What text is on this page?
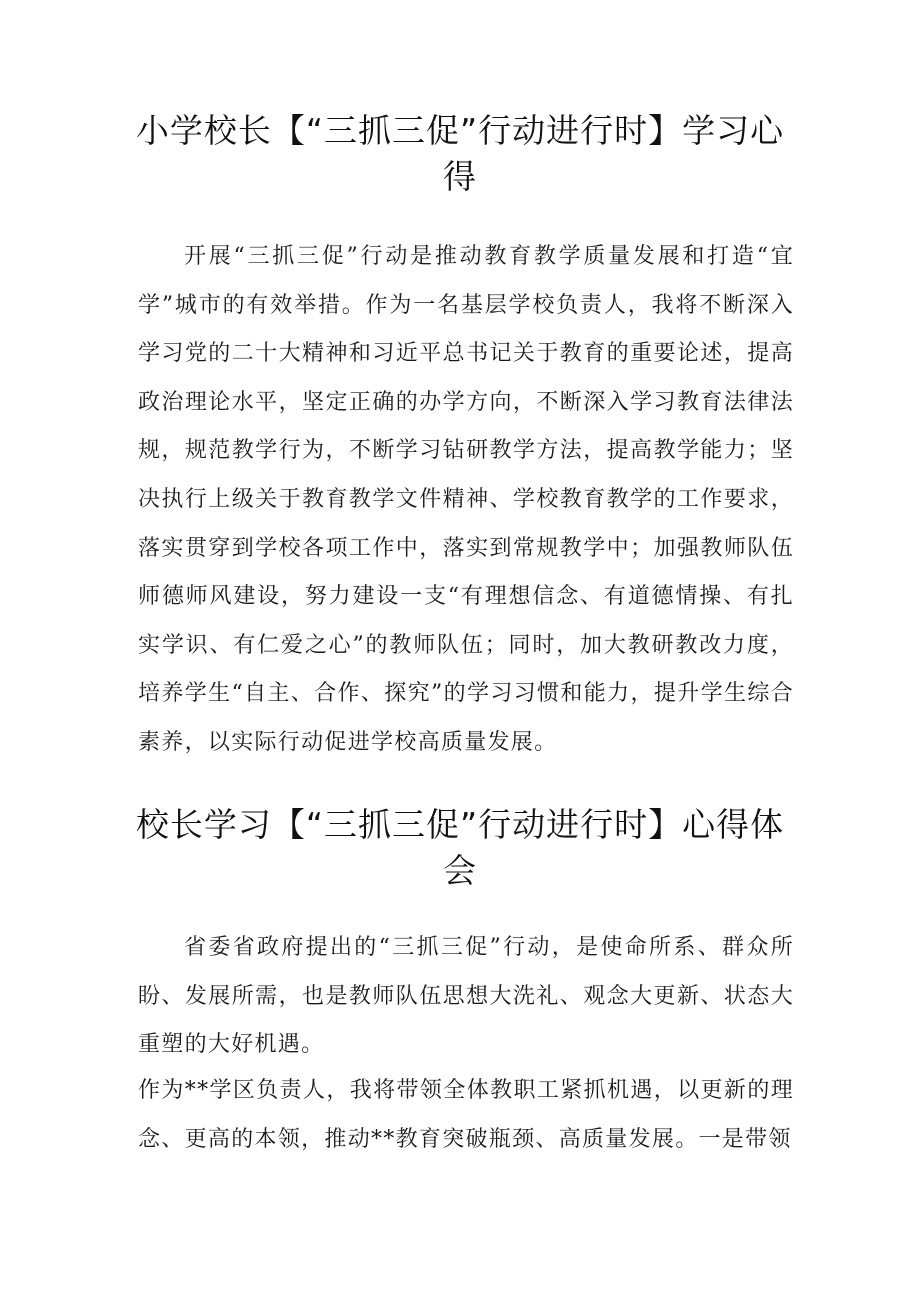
小学校长【“三抓三促”行动进行时】学习心得

开展“三抓三促”行动是推动教育教学质量发展和打造“宜学”城市的有效举措。作为一名基层学校负责人，我将不断深入学习党的二十大精神和习近平总书记关于教育的重要论述，提高政治理论水平，坚定正确的办学方向，不断深入学习教育法律法规，规范教学行为，不断学习钻研教学方法，提高教学能力；坚决执行上级关于教育教学文件精神、学校教育教学的工作要求，落实贯穿到学校各项工作中，落实到常规教学中；加强教师队伍师德师风建设，努力建设一支“有理想信念、有道德情操、有扎实学识、有仁爱之心”的教师队伍；同时，加大教研教改力度，培养学生“自主、合作、探究”的学习习惯和能力，提升学生综合素养，以实际行动促进学校高质量发展。

校长学习【“三抓三促”行动进行时】心得体会

省委省政府提出的“三抓三促”行动，是使命所系、群众所盼、发展所需，也是教师队伍思想大洗礼、观念大更新、状态大重塑的大好机遇。

作为**学区负责人，我将带领全体教职工紧抓机遇，以更新的理念、更高的本领，推动**教育突破瓶颈、高质量发展。一是带领
